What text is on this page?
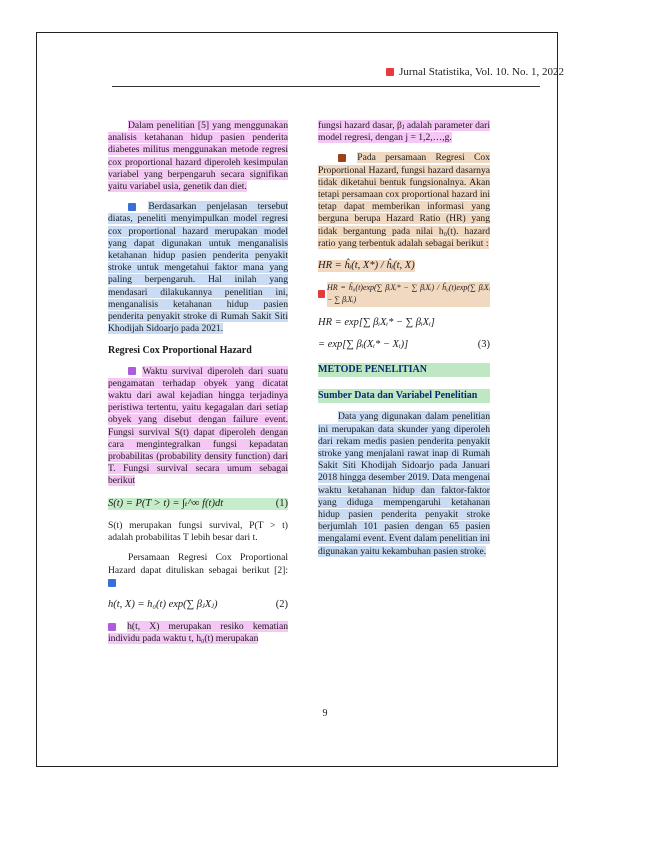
Jurnal Statistika, Vol. 10. No. 1, 2022

Dalam penelitian [5] yang menggunakan analisis ketahanan hidup pasien penderita diabetes militus menggunakan metode regresi cox proportional hazard diperoleh kesimpulan variabel yang berpengaruh secara signifikan yaitu variabel usia, genetik dan diet.

Berdasarkan penjelasan tersebut diatas, peneliti menyimpulkan model regresi cox proportional hazard merupakan model yang dapat digunakan untuk menganalisis ketahanan hidup pasien penderita penyakit stroke untuk mengetahui faktor mana yang paling berpengaruh. Hal inilah yang mendasari dilakukannya penelitian ini, menganalisis ketahanan hidup pasien penderita penyakit stroke di Rumah Sakit Siti Khodijah Sidoarjo pada 2021.

Regresi Cox Proportional Hazard

Waktu survival diperoleh dari suatu pengamatan terhadap obyek yang dicatat waktu dari awal kejadian hingga terjadinya peristiwa tertentu, yaitu kegagalan dari setiap obyek yang disebut dengan failure event. Fungsi survival S(t) dapat diperoleh dengan cara mengintegralkan fungsi kepadatan probabilitas (probability density function) dari T. Fungsi survival secara umum sebagai berikut

S(t) = P(T > t) = ∫ₜ^∞ f(t)dt	(1)

S(t) merupakan fungsi survival, P(T > t) adalah probabilitas T lebih besar dari t.

Persamaan Regresi Cox Proportional Hazard dapat dituliskan sebagai berikut [2]:

h(t, X) = h₀(t) exp(∑ βⱼXⱼ)	(2)

h(t, X) merupakan resiko kematian individu pada waktu t, h₀(t) merupakan

fungsi hazard dasar, βⱼ adalah parameter dari model regresi, dengan j = 1,2,…,g.

Pada persamaan Regresi Cox Proportional Hazard, fungsi hazard dasarnya tidak diketahui bentuk fungsionalnya. Akan tetapi persamaan cox proportional hazard ini tetap dapat memberikan informasi yang berguna berupa Hazard Ratio (HR) yang tidak bergantung pada nilai h₀(t). hazard ratio yang terbentuk adalah sebagai berikut :

HR = ĥᵢ(t, X*) / ĥᵢ(t, X)
HR = ĥ₀(t)exp(∑ βᵢXᵢ* − ∑ βᵢXᵢ) / ĥ₀(t)exp(∑ βᵢXᵢ − ∑ βᵢXᵢ)
HR = exp[∑ βᵢXᵢ* − ∑ βᵢXᵢ]
= exp[∑ βᵢ(Xᵢ* − Xᵢ)]	(3)
METODE PENELITIAN
Sumber Data dan Variabel Penelitian

Data yang digunakan dalam penelitian ini merupakan data skunder yang diperoleh dari rekam medis pasien penderita penyakit stroke yang menjalani rawat inap di Rumah Sakit Siti Khodijah Sidoarjo pada Januari 2018 hingga desember 2019. Data mengenai waktu ketahanan hidup dan faktor-faktor yang diduga mempengaruhi ketahanan hidup pasien penderita penyakit stroke berjumlah 101 pasien dengan 65 pasien mengalami event. Event dalam penelitian ini digunakan yaitu kekambuhan pasien stroke.

9
